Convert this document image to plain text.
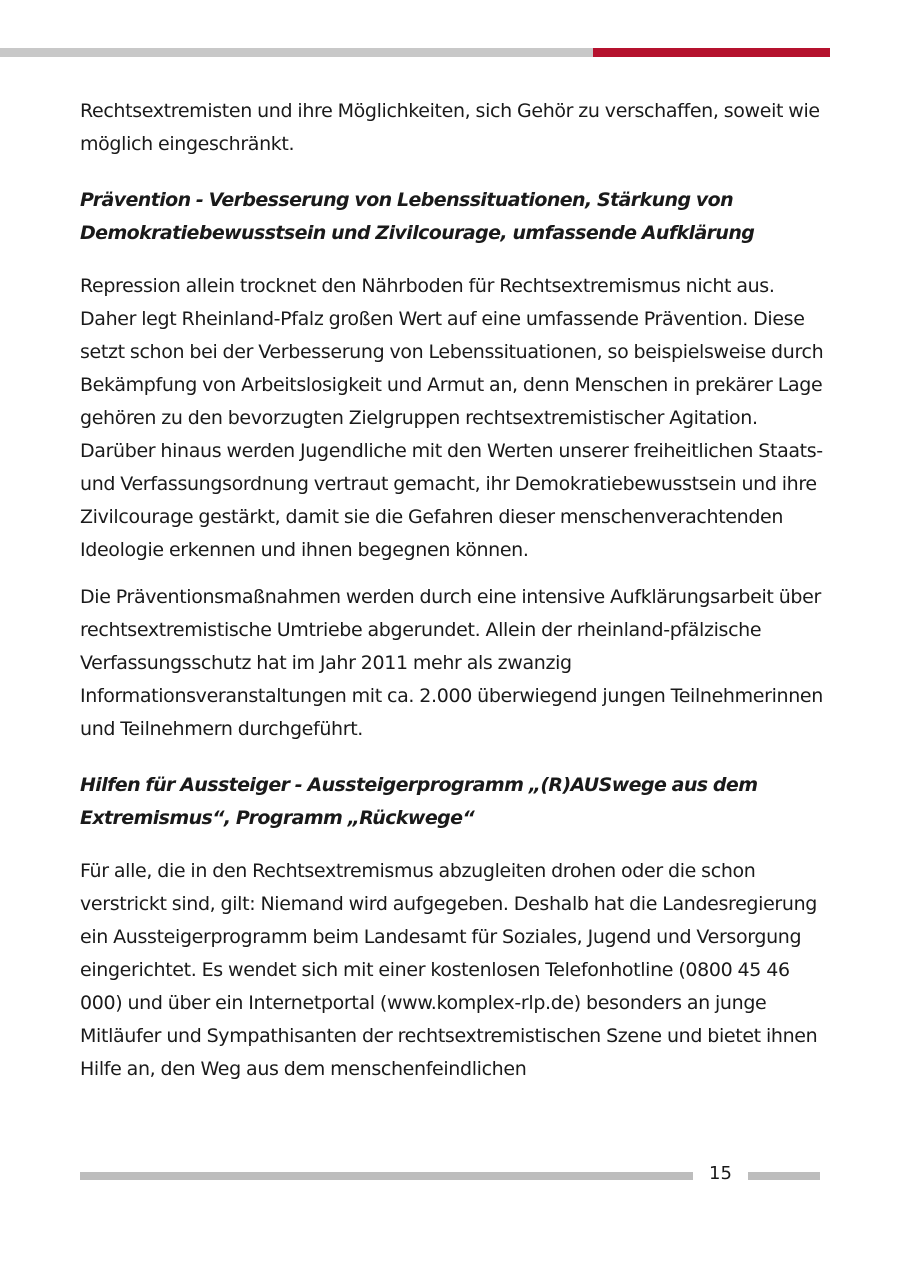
Rechtsextremisten und ihre Möglichkeiten, sich Gehör zu verschaffen, soweit wie möglich eingeschränkt.

Prävention - Verbesserung von Lebenssituationen, Stärkung von Demokratiebewusstsein und Zivilcourage, umfassende Aufklärung

Repression allein trocknet den Nährboden für Rechtsextremismus nicht aus. Daher legt Rheinland-Pfalz großen Wert auf eine umfassende Prävention. Diese setzt schon bei der Verbesserung von Lebenssituationen, so beispielsweise durch Bekämpfung von Arbeitslosigkeit und Armut an, denn Menschen in prekärer Lage gehören zu den bevorzugten Zielgruppen rechtsextremistischer Agitation.

Darüber hinaus werden Jugendliche mit den Werten unserer freiheitlichen Staats- und Verfassungsordnung vertraut gemacht, ihr Demokratiebewusstsein und ihre Zivilcourage gestärkt, damit sie die Gefahren dieser menschenverachtenden Ideologie erkennen und ihnen begegnen können.

Die Präventionsmaßnahmen werden durch eine intensive Aufklärungsarbeit über rechtsextremistische Umtriebe abgerundet. Allein der rheinland-pfälzische Verfassungsschutz hat im Jahr 2011 mehr als zwanzig Informationsveranstaltungen mit ca. 2.000 überwiegend jungen Teilnehmerinnen und Teilnehmern durchgeführt.

Hilfen für Aussteiger - Aussteigerprogramm „(R)AUSwege aus dem Extremismus“, Programm „Rückwege“

Für alle, die in den Rechtsextremismus abzugleiten drohen oder die schon verstrickt sind, gilt: Niemand wird aufgegeben. Deshalb hat die Landesregierung ein Aussteigerprogramm beim Landesamt für Soziales, Jugend und Versorgung eingerichtet. Es wendet sich mit einer kostenlosen Telefonhotline (0800 45 46 000) und über ein Internetportal (www.komplex-rlp.de) besonders an junge Mitläufer und Sympathisanten der rechtsextremistischen Szene und bietet ihnen Hilfe an, den Weg aus dem menschenfeindlichen

15
